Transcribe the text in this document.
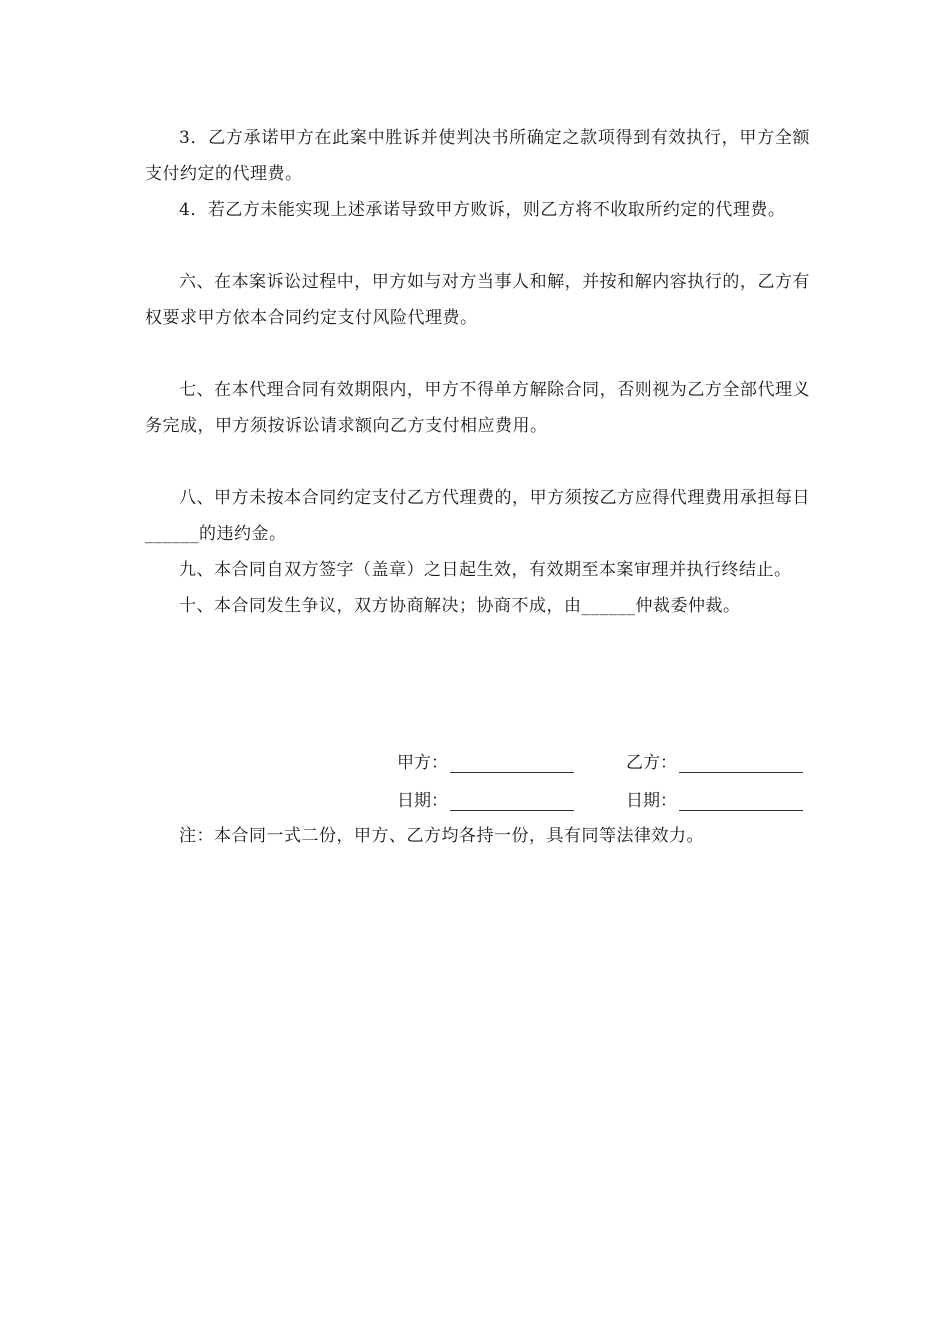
3．乙方承诺甲方在此案中胜诉并使判决书所确定之款项得到有效执行，甲方全额支付约定的代理费。

4．若乙方未能实现上述承诺导致甲方败诉，则乙方将不收取所约定的代理费。

六、在本案诉讼过程中，甲方如与对方当事人和解，并按和解内容执行的，乙方有权要求甲方依本合同约定支付风险代理费。

七、在本代理合同有效期限内，甲方不得单方解除合同，否则视为乙方全部代理义务完成，甲方须按诉讼请求额向乙方支付相应费用。

八、甲方未按本合同约定支付乙方代理费的，甲方须按乙方应得代理费用承担每日______的违约金。

九、本合同自双方签字（盖章）之日起生效，有效期至本案审理并执行终结止。

十、本合同发生争议，双方协商解决；协商不成，由______仲裁委仲裁。

甲方：	乙方：
日期：	日期：

注：本合同一式二份，甲方、乙方均各持一份，具有同等法律效力。
